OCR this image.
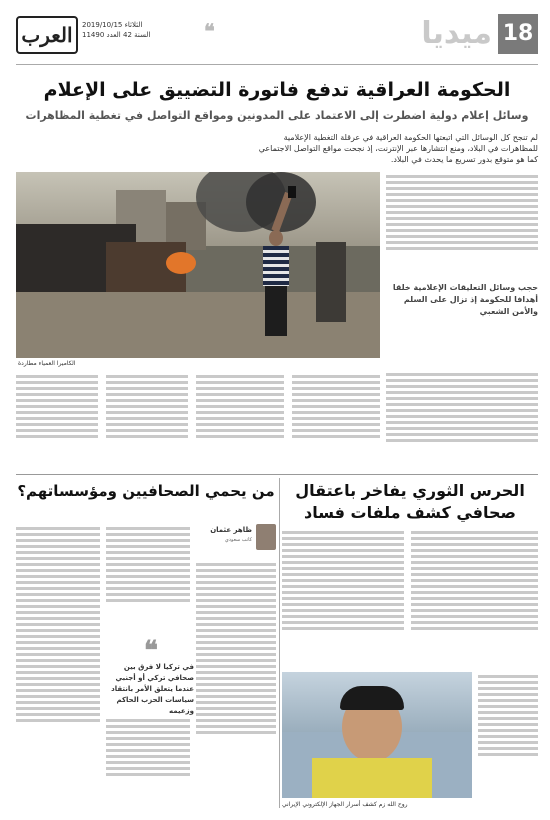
18
ميديا
❝
العرب	الثلاثاء 2019/10/15
السنة 42 العدد 11490
الحكومة العراقية تدفع فاتورة التضييق على الإعلام
وسائل إعلام دولية اضطرت إلى الاعتماد على المدونين ومواقع التواصل في تغطية المظاهرات
لم تنجح كل الوسائل التي اتبعتها الحكومة العراقية في عرقلة التغطية الإعلامية للمظاهرات في البلاد، ومنع انتشارها عبر الإنترنت، إذ نجحت مواقع التواصل الاجتماعي كما هو متوقع بدور تسريع ما يحدث في البلاد.
الكاميرا العمياء مطاردة
حجب وسائل التعليقات الإعلامية خلقا أهدافا للحكومة إذ تزال على السلم والأمن الشعبي
الحرس الثوري يفاخر باعتقال صحافي كشف ملفات فساد
روح الله زم كشف أسرار الجهاز الإلكتروني الإيراني
من يحمي الصحافيين ومؤسساتهم؟
ظاهر عثمان
كاتب سعودي
❝
في تركيا لا فرق بين صحافي تركي أو أجنبي عندما يتعلق الأمر بانتقاد سياسات الحزب الحاكم وزعيمه
